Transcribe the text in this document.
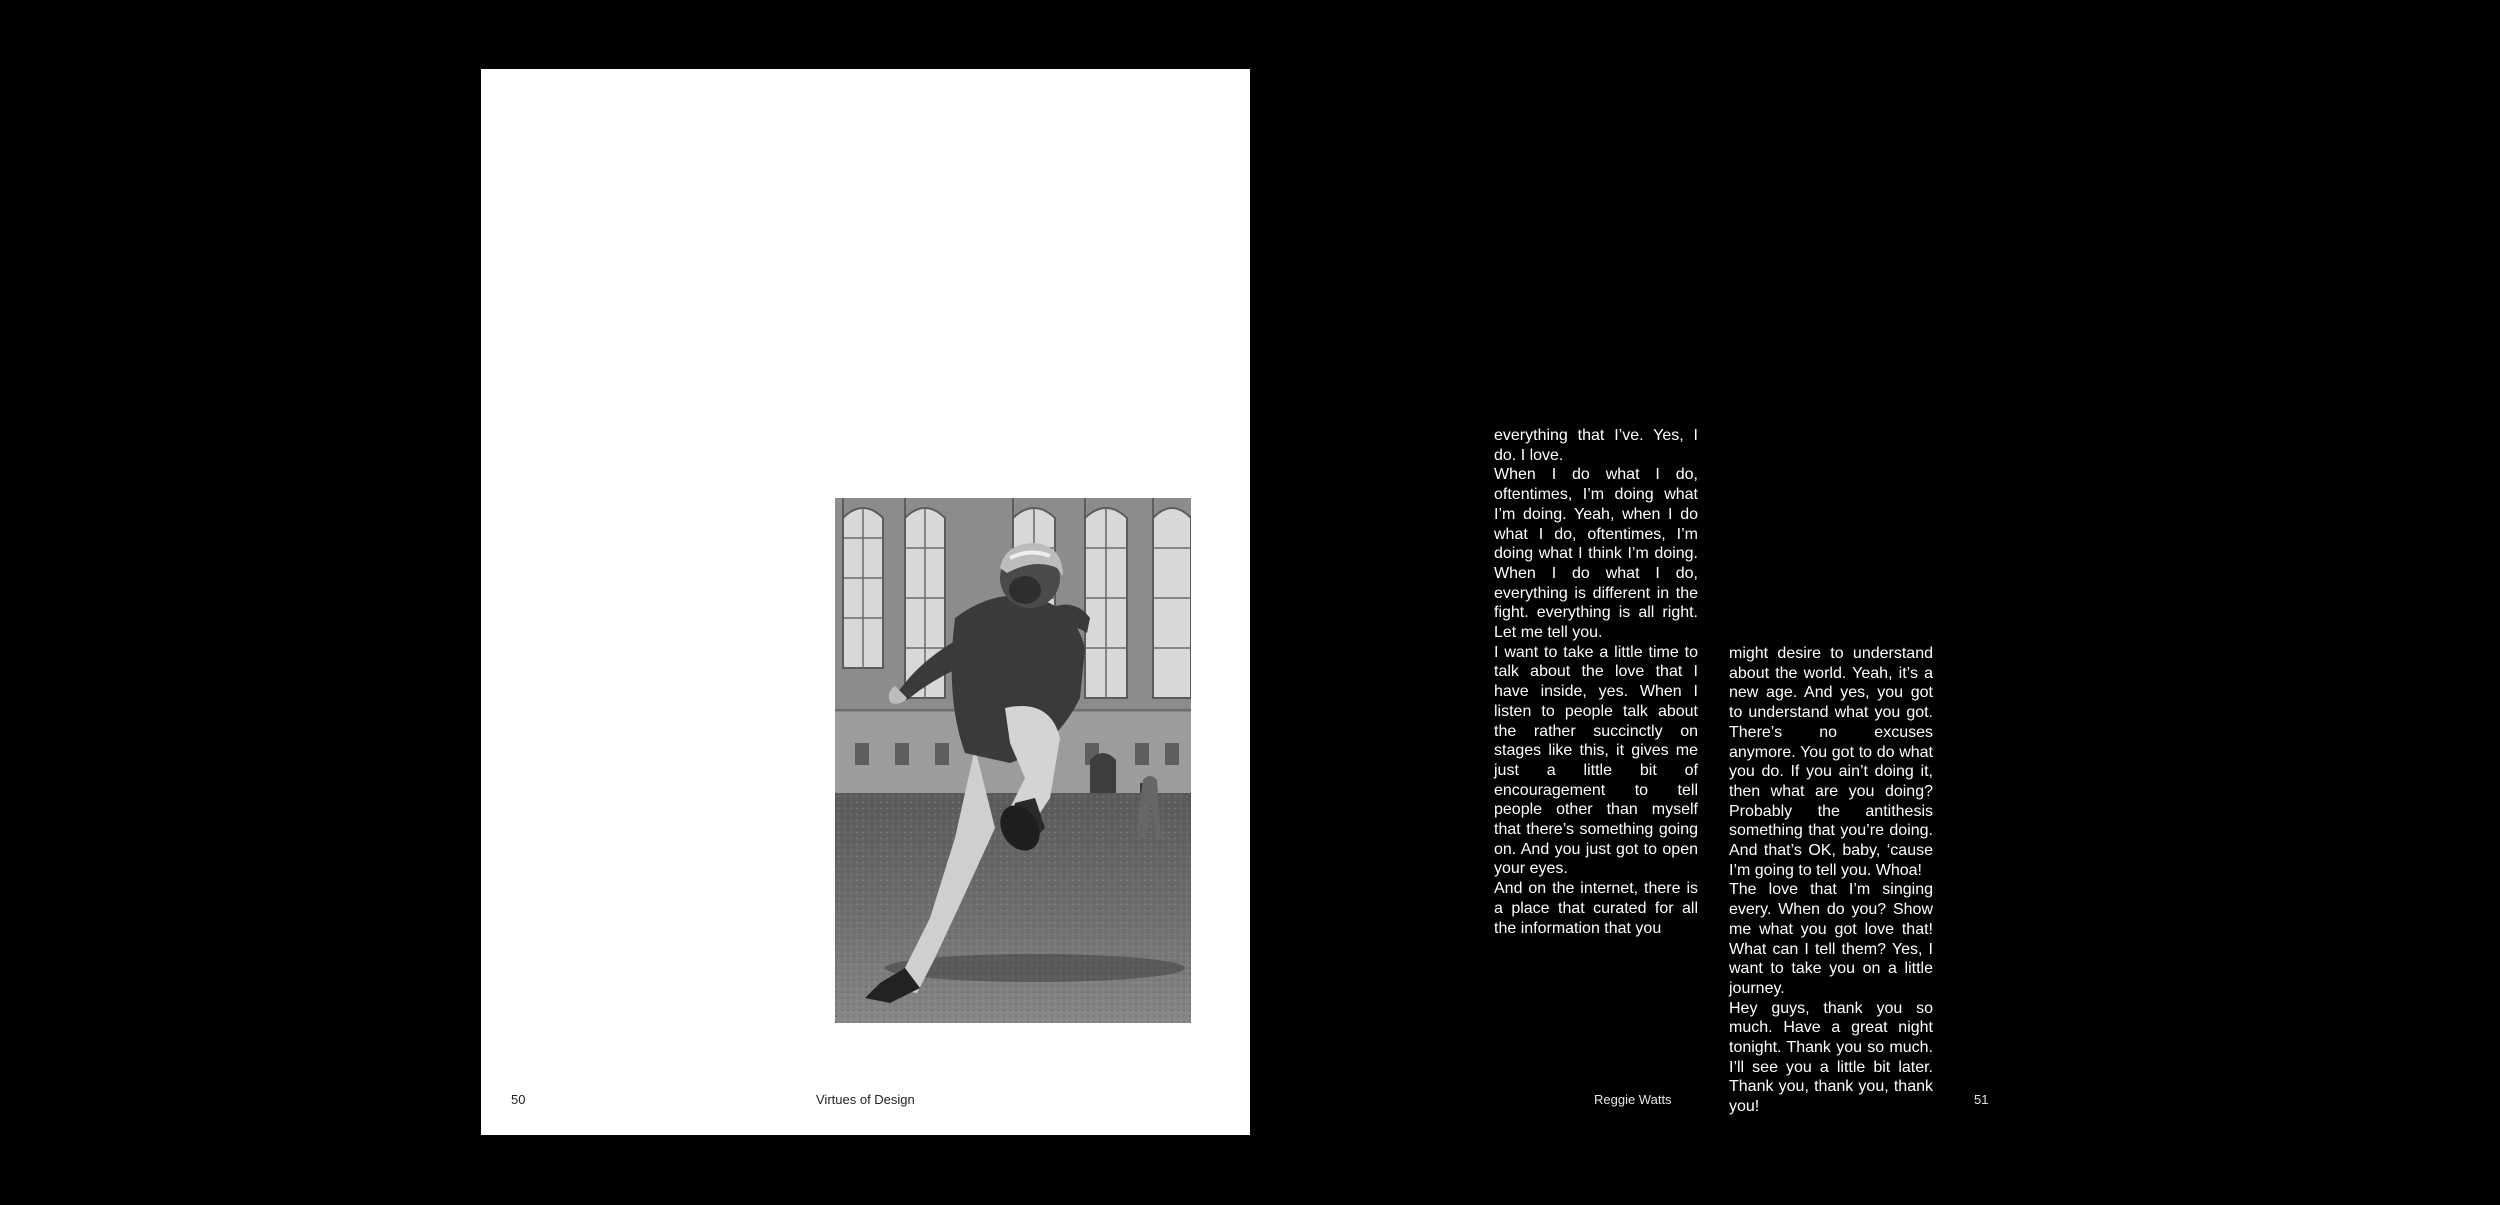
50	Virtues of Design

everything that I’ve. Yes, I do. I love.

When I do what I do, oftentimes, I’m doing what I’m doing. Yeah, when I do what I do, oftentimes, I’m doing what I think I’m doing. When I do what I do, everything is different in the fight. everything is all right. Let me tell you.

I want to take a little time to talk about the love that I have inside, yes. When I listen to people talk about the rather succinctly on stages like this, it gives me just a little bit of encouragement to tell people other than myself that there’s something going on. And you just got to open your eyes.

And on the internet, there is a place that curated for all the information that you

might desire to understand about the world. Yeah, it’s a new age. And yes, you got to understand what you got. There’s no excuses anymore. You got to do what you do. If you ain’t doing it, then what are you doing? Probably the antithesis something that you’re doing. And that’s OK, baby, ‘cause I’m going to tell you. Whoa!

The love that I’m singing every. When do you? Show me what you got love that! What can I tell them? Yes, I want to take you on a little journey.

Hey guys, thank you so much. Have a great night tonight. Thank you so much. I’ll see you a little bit later. Thank you, thank you, thank you!

Reggie Watts	51
